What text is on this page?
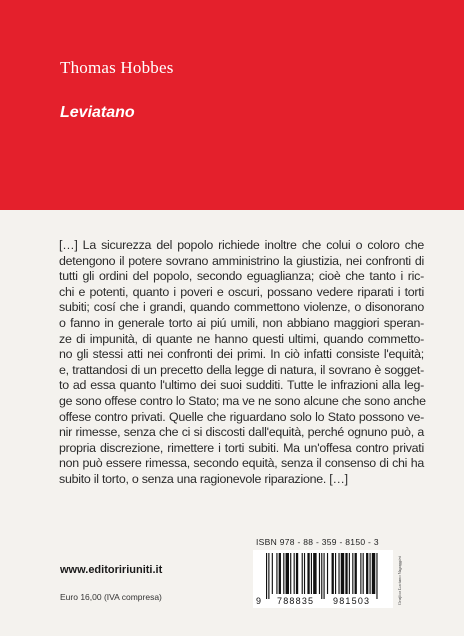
Thomas Hobbes
Leviatano
[…] La sicurezza del popolo richiede inoltre che colui o coloro che
detengono il potere sovrano amministrino la giustizia, nei confronti di
tutti gli ordini del popolo, secondo eguaglianza; cioè che tanto i ric-
chi e potenti, quanto i poveri e oscuri, possano vedere riparati i torti
subiti; cosí che i grandi, quando commettono violenze, o disonorano
o fanno in generale torto ai piú umili, non abbiano maggiori speran-
ze di impunità, di quante ne hanno questi ultimi, quando commetto-
no gli stessi atti nei confronti dei primi. In ciò infatti consiste l'equità;
e, trattandosi di un precetto della legge di natura, il sovrano è sogget-
to ad essa quanto l'ultimo dei suoi sudditi. Tutte le infrazioni alla leg-
ge sono offese contro lo Stato; ma ve ne sono alcune che sono anche
offese contro privati. Quelle che riguardano solo lo Stato possono ve-
nir rimesse, senza che ci si discosti dall'equità, perché ognuno può, a
propria discrezione, rimettere i torti subiti. Ma un'offesa contro privati
non può essere rimessa, secondo equità, senza il consenso di chi ha
subito il torto, o senza una ragionevole riparazione. […]
www.editoririuniti.it
Euro 16,00 (IVA compresa)
ISBN 978 - 88 - 359 - 8150 - 3
9 788835 981503	Grafica Luciano Vagaggini
